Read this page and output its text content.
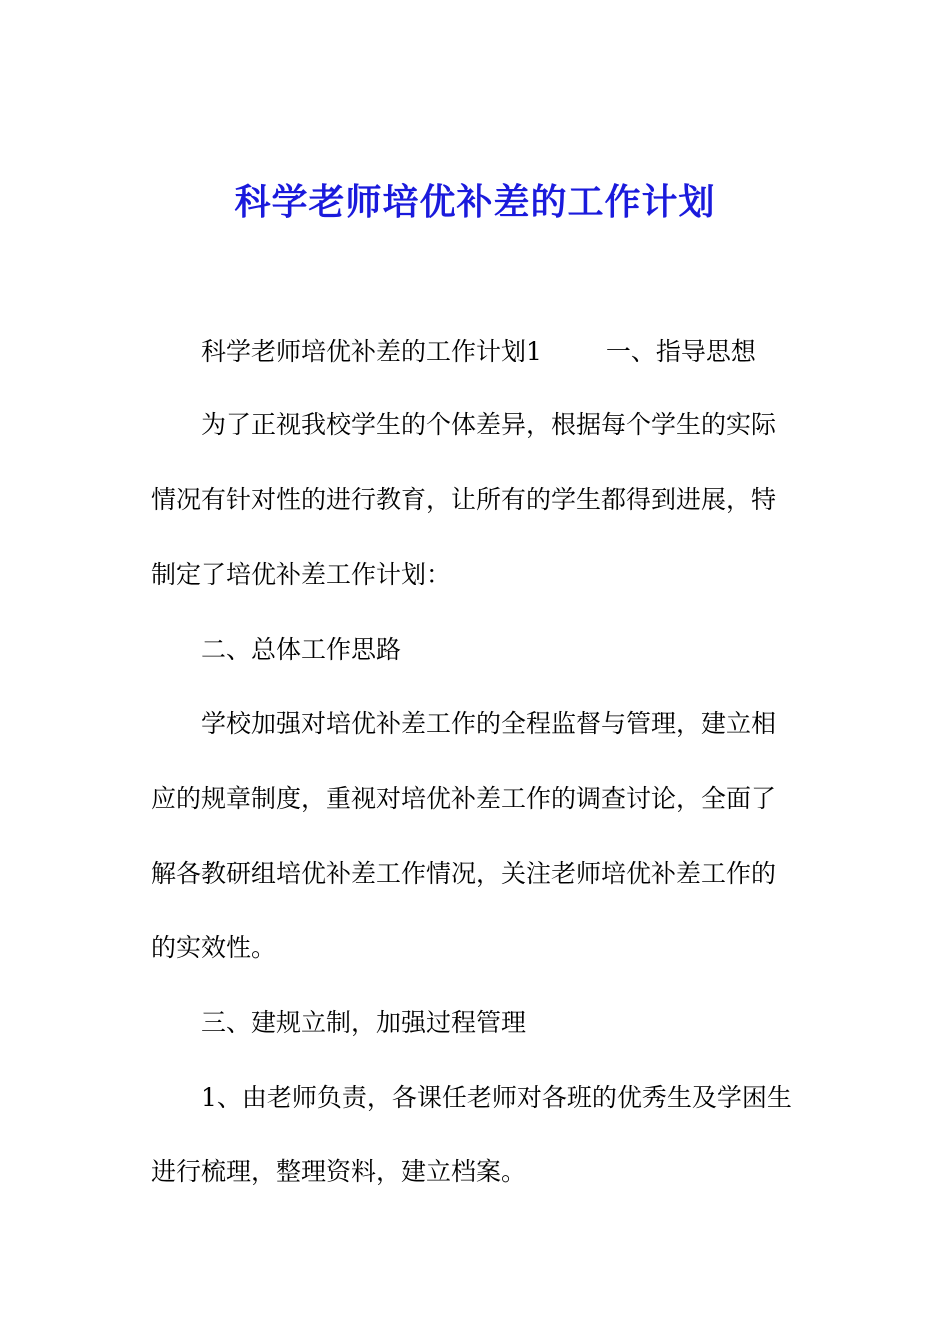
科学老师培优补差的工作计划
科学老师培优补差的工作计划1	一、指导思想
为了正视我校学生的个体差异，根据每个学生的实际
情况有针对性的进行教育，让所有的学生都得到进展，特
制定了培优补差工作计划：
二、总体工作思路
学校加强对培优补差工作的全程监督与管理，建立相
应的规章制度，重视对培优补差工作的调查讨论，全面了
解各教研组培优补差工作情况，关注老师培优补差工作的
的实效性。
三、建规立制，加强过程管理
1、由老师负责，各课任老师对各班的优秀生及学困生
进行梳理，整理资料，建立档案。
